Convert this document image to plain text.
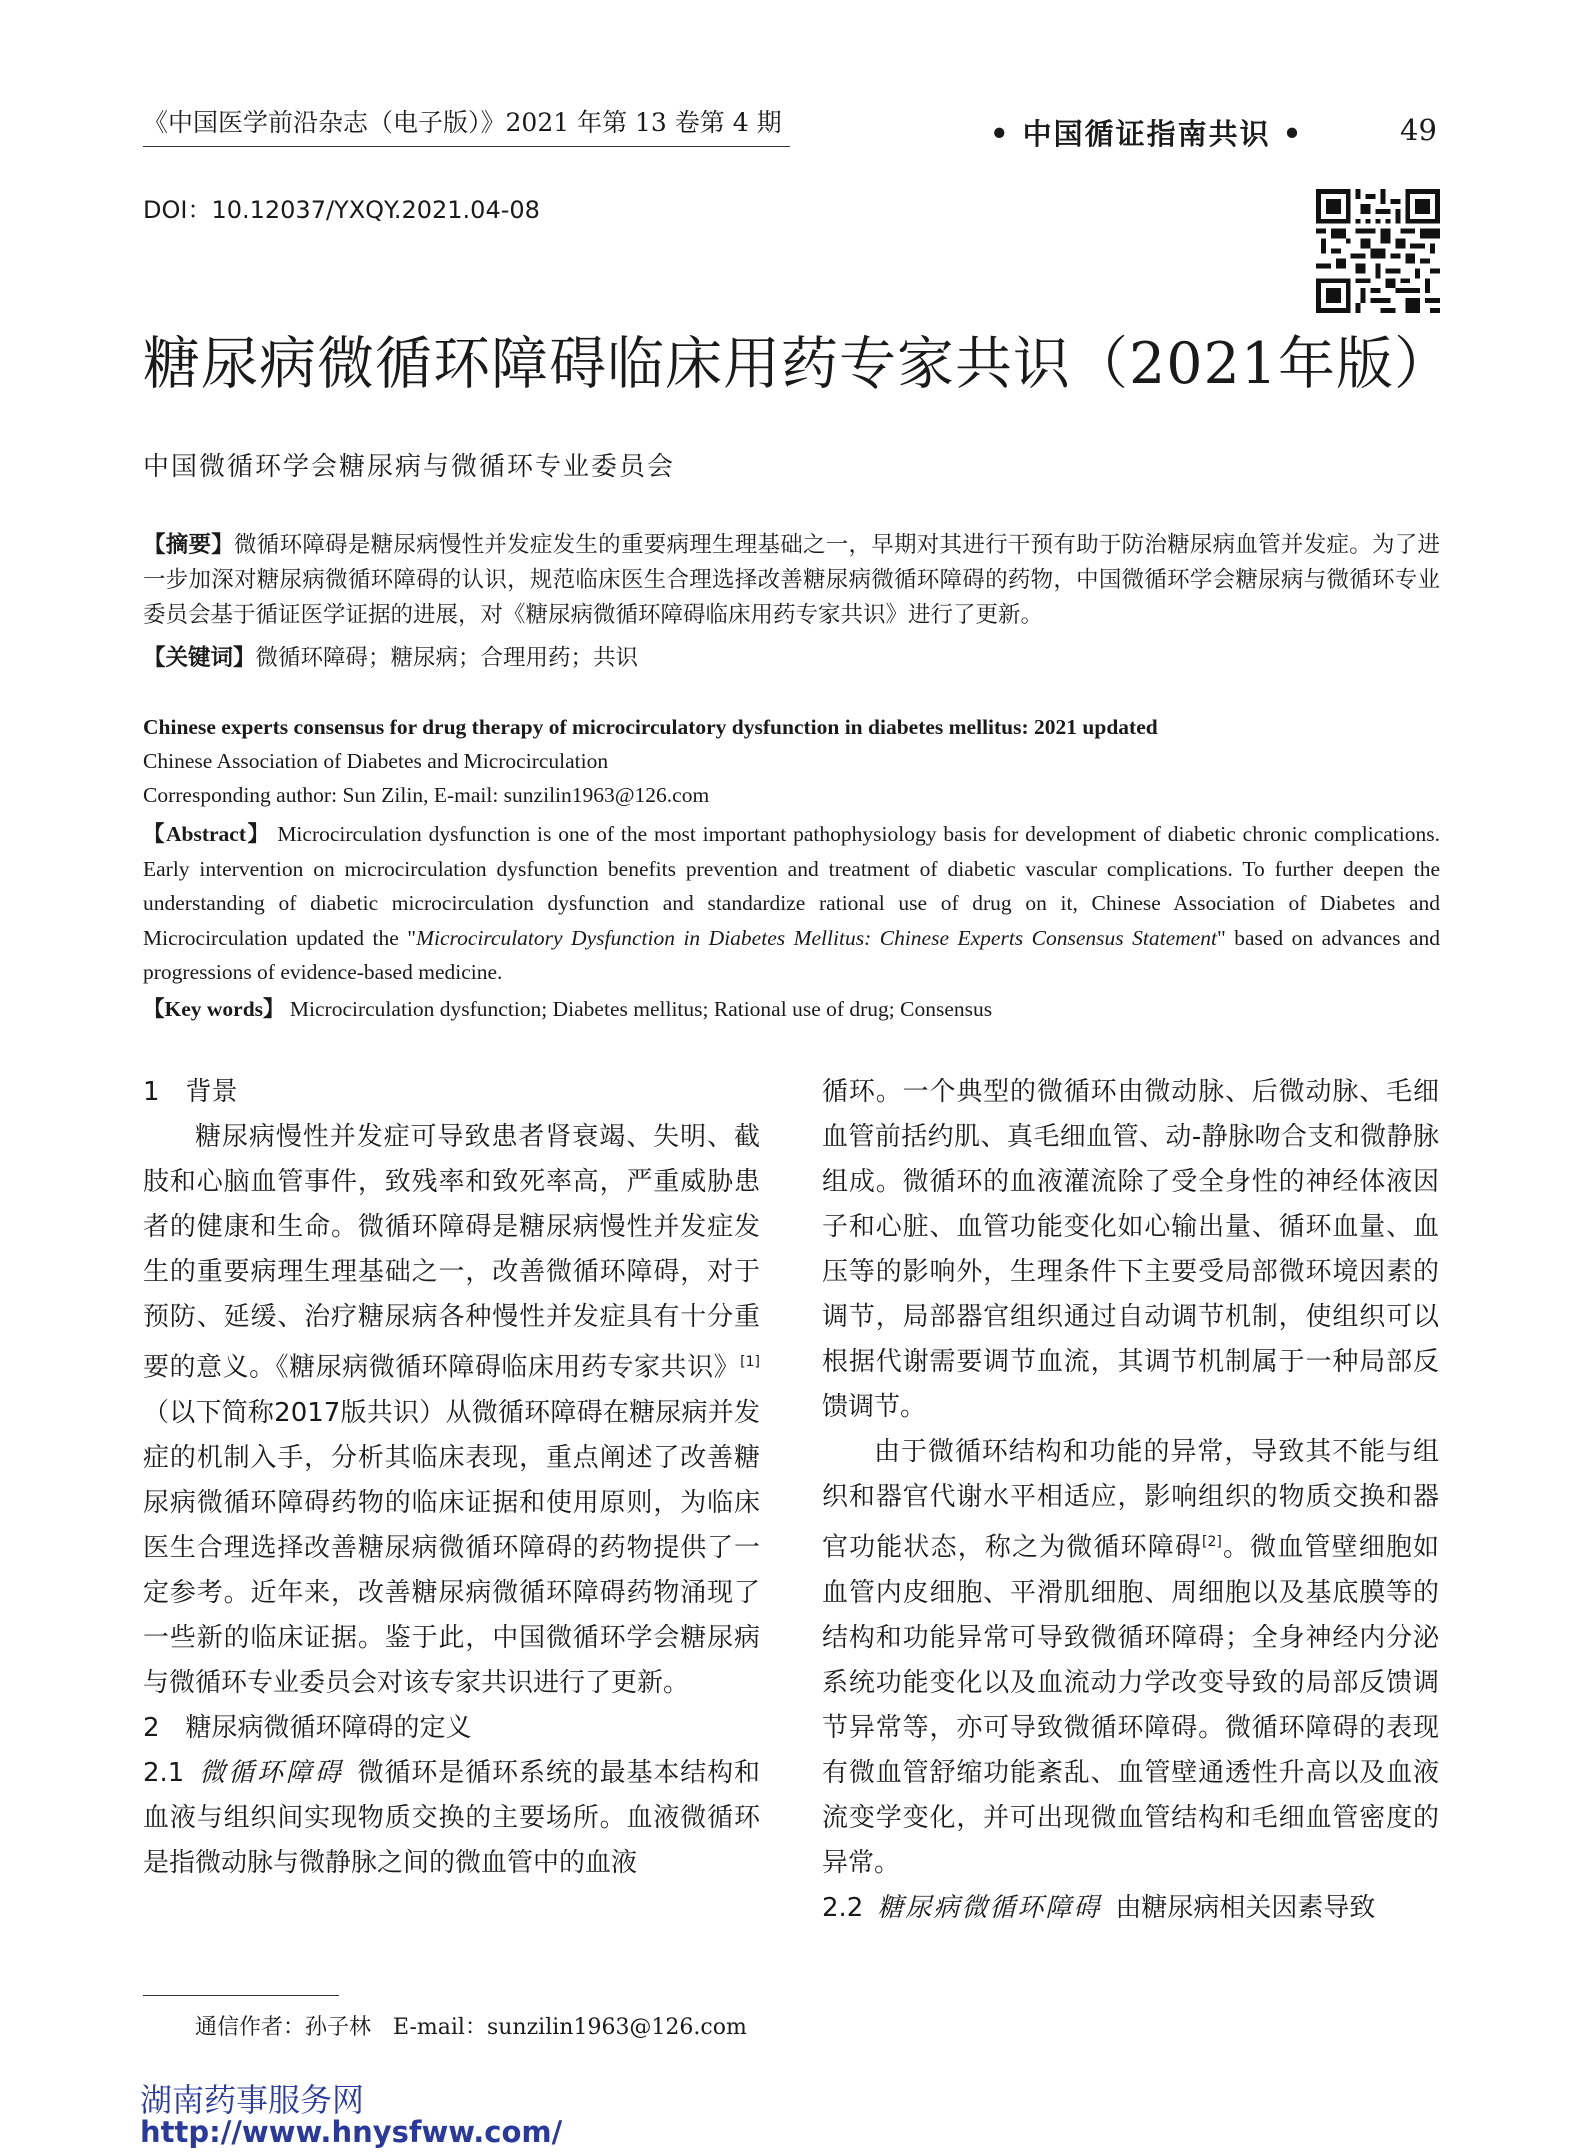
《中国医学前沿杂志（电子版）》2021 年第 13 卷第 4 期	• 中国循证指南共识 •	49
DOI：10.12037/YXQY.2021.04-08
糖尿病微循环障碍临床用药专家共识（2021年版）
中国微循环学会糖尿病与微循环专业委员会
【摘要】微循环障碍是糖尿病慢性并发症发生的重要病理生理基础之一，早期对其进行干预有助于防治糖尿病血管并发症。为了进一步加深对糖尿病微循环障碍的认识，规范临床医生合理选择改善糖尿病微循环障碍的药物，中国微循环学会糖尿病与微循环专业委员会基于循证医学证据的进展，对《糖尿病微循环障碍临床用药专家共识》进行了更新。
【关键词】微循环障碍；糖尿病；合理用药；共识
Chinese experts consensus for drug therapy of microcirculatory dysfunction in diabetes mellitus: 2021 updated
Chinese Association of Diabetes and Microcirculation
Corresponding author: Sun Zilin, E-mail: sunzilin1963@126.com
【Abstract】 Microcirculation dysfunction is one of the most important pathophysiology basis for development of diabetic chronic complications. Early intervention on microcirculation dysfunction benefits prevention and treatment of diabetic vascular complications. To further deepen the understanding of diabetic microcirculation dysfunction and standardize rational use of drug on it, Chinese Association of Diabetes and Microcirculation updated the "Microcirculatory Dysfunction in Diabetes Mellitus: Chinese Experts Consensus Statement" based on advances and progressions of evidence-based medicine.
【Key words】 Microcirculation dysfunction; Diabetes mellitus; Rational use of drug; Consensus

1　背景

糖尿病慢性并发症可导致患者肾衰竭、失明、截肢和心脑血管事件，致残率和致死率高，严重威胁患者的健康和生命。微循环障碍是糖尿病慢性并发症发生的重要病理生理基础之一，改善微循环障碍，对于预防、延缓、治疗糖尿病各种慢性并发症具有十分重要的意义。《糖尿病微循环障碍临床用药专家共识》[1]（以下简称2017版共识）从微循环障碍在糖尿病并发症的机制入手，分析其临床表现，重点阐述了改善糖尿病微循环障碍药物的临床证据和使用原则，为临床医生合理选择改善糖尿病微循环障碍的药物提供了一定参考。近年来，改善糖尿病微循环障碍药物涌现了一些新的临床证据。鉴于此，中国微循环学会糖尿病与微循环专业委员会对该专家共识进行了更新。

2　糖尿病微循环障碍的定义

2.1 微循环障碍 微循环是循环系统的最基本结构和血液与组织间实现物质交换的主要场所。血液微循环是指微动脉与微静脉之间的微血管中的血液

循环。一个典型的微循环由微动脉、后微动脉、毛细血管前括约肌、真毛细血管、动-静脉吻合支和微静脉组成。微循环的血液灌流除了受全身性的神经体液因子和心脏、血管功能变化如心输出量、循环血量、血压等的影响外，生理条件下主要受局部微环境因素的调节，局部器官组织通过自动调节机制，使组织可以根据代谢需要调节血流，其调节机制属于一种局部反馈调节。

由于微循环结构和功能的异常，导致其不能与组织和器官代谢水平相适应，影响组织的物质交换和器官功能状态，称之为微循环障碍[2]。微血管壁细胞如血管内皮细胞、平滑肌细胞、周细胞以及基底膜等的结构和功能异常可导致微循环障碍；全身神经内分泌系统功能变化以及血流动力学改变导致的局部反馈调节异常等，亦可导致微循环障碍。微循环障碍的表现有微血管舒缩功能紊乱、血管壁通透性升高以及血液流变学变化，并可出现微血管结构和毛细血管密度的异常。

2.2 糖尿病微循环障碍 由糖尿病相关因素导致

通信作者：孙子林　E-mail：sunzilin1963@126.com
湖南药事服务网
http://www.hnysfww.com/
